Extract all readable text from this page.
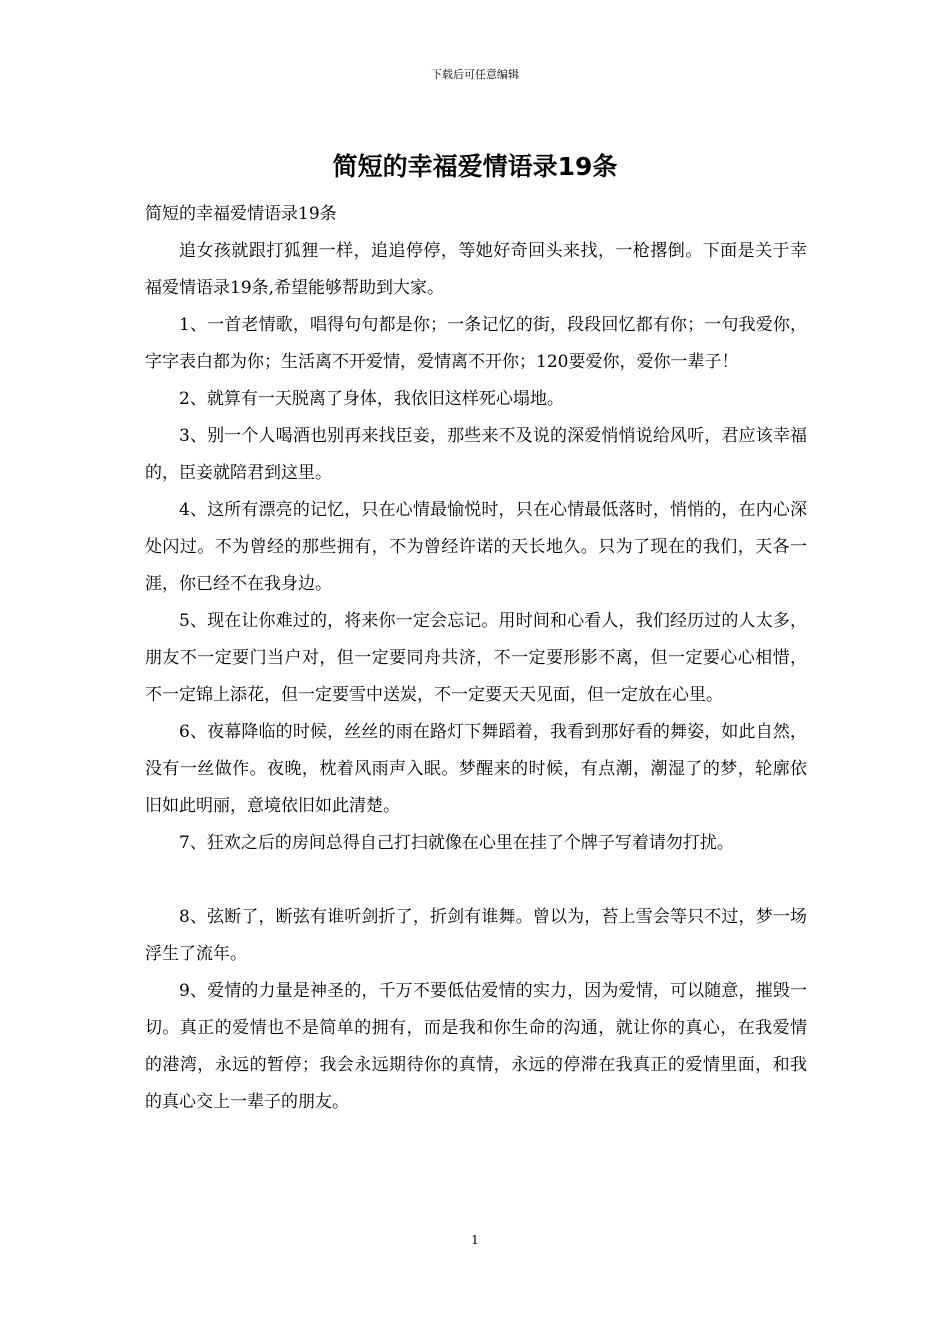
下载后可任意编辑
简短的幸福爱情语录19条

简短的幸福爱情语录19条

追女孩就跟打狐狸一样，追追停停，等她好奇回头来找，一枪撂倒。下面是关于幸福爱情语录19条,希望能够帮助到大家。

1、一首老情歌，唱得句句都是你；一条记忆的街，段段回忆都有你；一句我爱你，字字表白都为你；生活离不开爱情，爱情离不开你；120要爱你，爱你一辈子！

2、就算有一天脱离了身体，我依旧这样死心塌地。

3、别一个人喝酒也别再来找臣妾，那些来不及说的深爱悄悄说给风听，君应该幸福的，臣妾就陪君到这里。

4、这所有漂亮的记忆，只在心情最愉悦时，只在心情最低落时，悄悄的，在内心深处闪过。不为曾经的那些拥有，不为曾经许诺的天长地久。只为了现在的我们，天各一涯，你已经不在我身边。

5、现在让你难过的，将来你一定会忘记。用时间和心看人，我们经历过的人太多，朋友不一定要门当户对，但一定要同舟共济，不一定要形影不离，但一定要心心相惜，不一定锦上添花，但一定要雪中送炭，不一定要天天见面，但一定放在心里。

6、夜幕降临的时候，丝丝的雨在路灯下舞蹈着，我看到那好看的舞姿，如此自然，没有一丝做作。夜晚，枕着风雨声入眠。梦醒来的时候，有点潮，潮湿了的梦，轮廓依旧如此明丽，意境依旧如此清楚。

7、狂欢之后的房间总得自己打扫就像在心里在挂了个牌子写着请勿打扰。

8、弦断了，断弦有谁听剑折了，折剑有谁舞。曾以为，苔上雪会等只不过，梦一场浮生了流年。

9、爱情的力量是神圣的，千万不要低估爱情的实力，因为爱情，可以随意，摧毁一切。真正的爱情也不是简单的拥有，而是我和你生命的沟通，就让你的真心，在我爱情的港湾，永远的暂停；我会永远期待你的真情，永远的停滞在我真正的爱情里面，和我的真心交上一辈子的朋友。

1
